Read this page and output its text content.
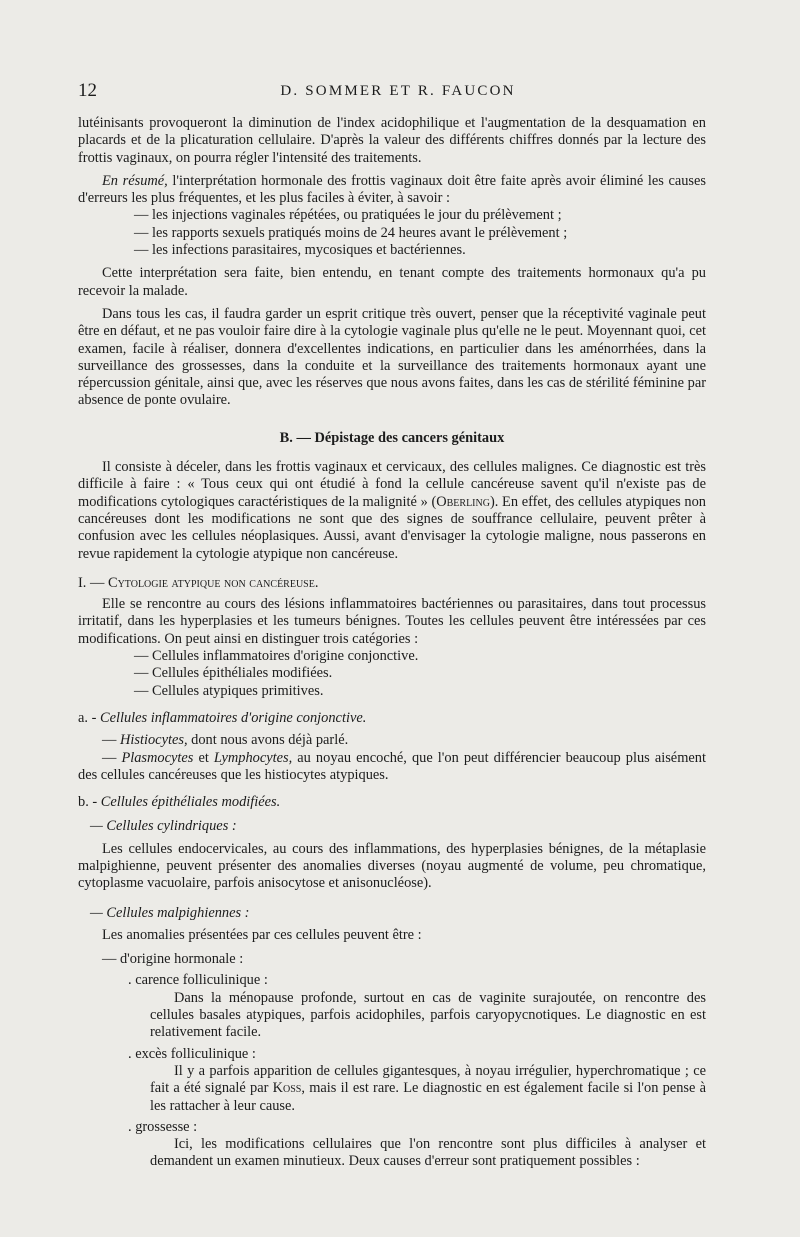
12	D. SOMMER ET R. FAUCON

lutéinisants provoqueront la diminution de l'index acidophilique et l'augmentation de la desquamation en placards et de la plicaturation cellulaire. D'après la valeur des différents chiffres donnés par la lecture des frottis vaginaux, on pourra régler l'intensité des traitements.

En résumé, l'interprétation hormonale des frottis vaginaux doit être faite après avoir éliminé les causes d'erreurs les plus fréquentes, et les plus faciles à éviter, à savoir :

— les injections vaginales répétées, ou pratiquées le jour du prélèvement ;

— les rapports sexuels pratiqués moins de 24 heures avant le prélèvement ;

— les infections parasitaires, mycosiques et bactériennes.

Cette interprétation sera faite, bien entendu, en tenant compte des traitements hormonaux qu'a pu recevoir la malade.

Dans tous les cas, il faudra garder un esprit critique très ouvert, penser que la réceptivité vaginale peut être en défaut, et ne pas vouloir faire dire à la cytologie vaginale plus qu'elle ne le peut. Moyennant quoi, cet examen, facile à réaliser, donnera d'excellentes indications, en particulier dans les aménorrhées, dans la surveillance des grossesses, dans la conduite et la surveillance des traitements hormonaux ayant une répercussion génitale, ainsi que, avec les réserves que nous avons faites, dans les cas de stérilité féminine par absence de ponte ovulaire.

B. — Dépistage des cancers génitaux

Il consiste à déceler, dans les frottis vaginaux et cervicaux, des cellules malignes. Ce diagnostic est très difficile à faire : « Tous ceux qui ont étudié à fond la cellule cancéreuse savent qu'il n'existe pas de modifications cytologiques caractéristiques de la malignité » (Oberling). En effet, des cellules atypiques non cancéreuses dont les modifications ne sont que des signes de souffrance cellulaire, peuvent prêter à confusion avec les cellules néoplasiques. Aussi, avant d'envisager la cytologie maligne, nous passerons en revue rapidement la cytologie atypique non cancéreuse.

I. — Cytologie atypique non cancéreuse.

Elle se rencontre au cours des lésions inflammatoires bactériennes ou parasitaires, dans tout processus irritatif, dans les hyperplasies et les tumeurs bénignes. Toutes les cellules peuvent être intéressées par ces modifications. On peut ainsi en distinguer trois catégories :

— Cellules inflammatoires d'origine conjonctive.

— Cellules épithéliales modifiées.

— Cellules atypiques primitives.

a. - Cellules inflammatoires d'origine conjonctive.

— Histiocytes, dont nous avons déjà parlé.

— Plasmocytes et Lymphocytes, au noyau encoché, que l'on peut différencier beaucoup plus aisément des cellules cancéreuses que les histiocytes atypiques.

b. - Cellules épithéliales modifiées.

— Cellules cylindriques :

Les cellules endocervicales, au cours des inflammations, des hyperplasies bénignes, de la métaplasie malpighienne, peuvent présenter des anomalies diverses (noyau augmenté de volume, peu chromatique, cytoplasme vacuolaire, parfois anisocytose et anisonucléose).

— Cellules malpighiennes :

Les anomalies présentées par ces cellules peuvent être :

— d'origine hormonale :

. carence folliculinique :

Dans la ménopause profonde, surtout en cas de vaginite surajoutée, on rencontre des cellules basales atypiques, parfois acidophiles, parfois caryopycnotiques. Le diagnostic en est relativement facile.

. excès folliculinique :

Il y a parfois apparition de cellules gigantesques, à noyau irrégulier, hyperchromatique ; ce fait a été signalé par Koss, mais il est rare. Le diagnostic en est également facile si l'on pense à les rattacher à leur cause.

. grossesse :

Ici, les modifications cellulaires que l'on rencontre sont plus difficiles à analyser et demandent un examen minutieux. Deux causes d'erreur sont pratiquement possibles :
